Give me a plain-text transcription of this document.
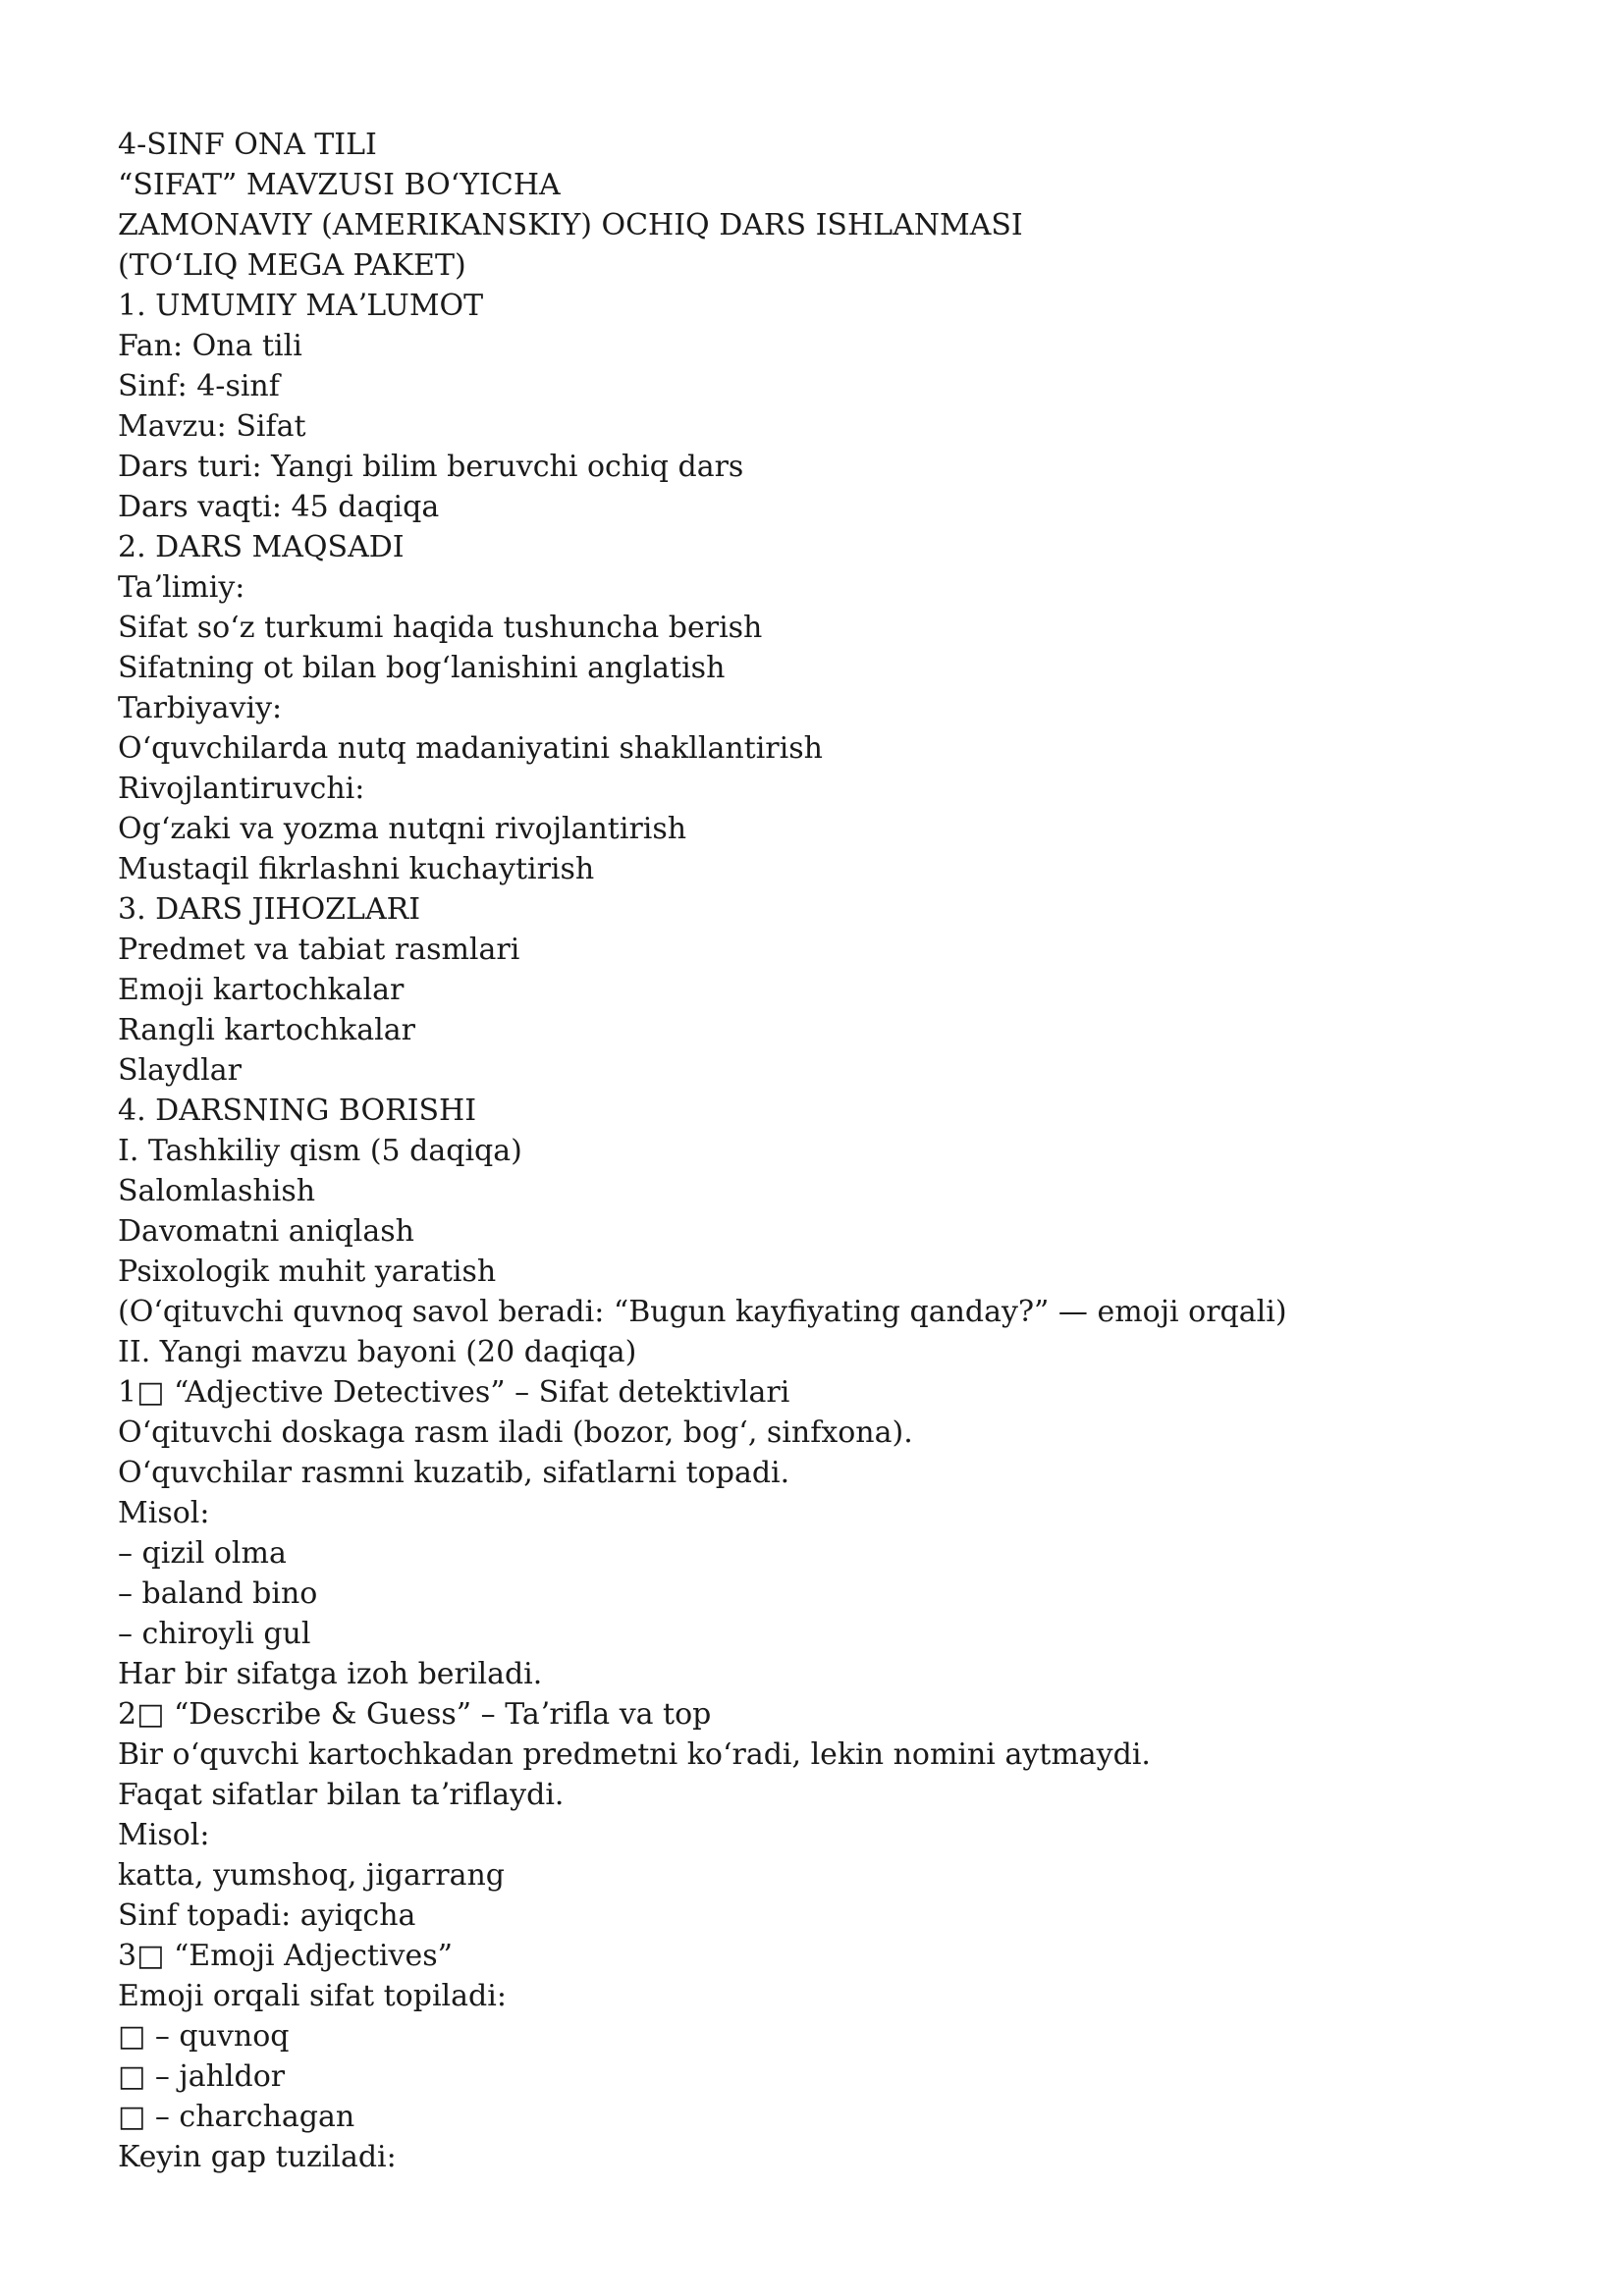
4-SINF ONA TILI
“SIFAT” MAVZUSI BOʻYICHA
ZAMONAVIY (AMERIKANSKIY) OCHIQ DARS ISHLANMASI
(TOʻLIQ MEGA PAKET)
1. UMUMIY MAʼLUMOT
Fan: Ona tili
Sinf: 4-sinf
Mavzu: Sifat
Dars turi: Yangi bilim beruvchi ochiq dars
Dars vaqti: 45 daqiqa
2. DARS MAQSADI
Taʼlimiy:
Sifat soʻz turkumi haqida tushuncha berish
Sifatning ot bilan bogʻlanishini anglatish
Tarbiyaviy:
Oʻquvchilarda nutq madaniyatini shakllantirish
Rivojlantiruvchi:
Ogʻzaki va yozma nutqni rivojlantirish
Mustaqil fikrlashni kuchaytirish
3. DARS JIHOZLARI
Predmet va tabiat rasmlari
Emoji kartochkalar
Rangli kartochkalar
Slaydlar
4. DARSNING BORISHI
I. Tashkiliy qism (5 daqiqa)
Salomlashish
Davomatni aniqlash
Psixologik muhit yaratish
(Oʻqituvchi quvnoq savol beradi: “Bugun kayfiyating qanday?” — emoji orqali)
II. Yangi mavzu bayoni (20 daqiqa)
1□ “Adjective Detectives” – Sifat detektivlari
Oʻqituvchi doskaga rasm iladi (bozor, bogʻ, sinfxona).
Oʻquvchilar rasmni kuzatib, sifatlarni topadi.
Misol:
– qizil olma
– baland bino
– chiroyli gul
Har bir sifatga izoh beriladi.
2□ “Describe & Guess” – Taʼrifla va top
Bir oʻquvchi kartochkadan predmetni koʻradi, lekin nomini aytmaydi.
Faqat sifatlar bilan taʼriflaydi.
Misol:
katta, yumshoq, jigarrang
Sinf topadi: ayiqcha
3□ “Emoji Adjectives”
Emoji orqali sifat topiladi:
□ – quvnoq
□ – jahldor
□ – charchagan
Keyin gap tuziladi:
